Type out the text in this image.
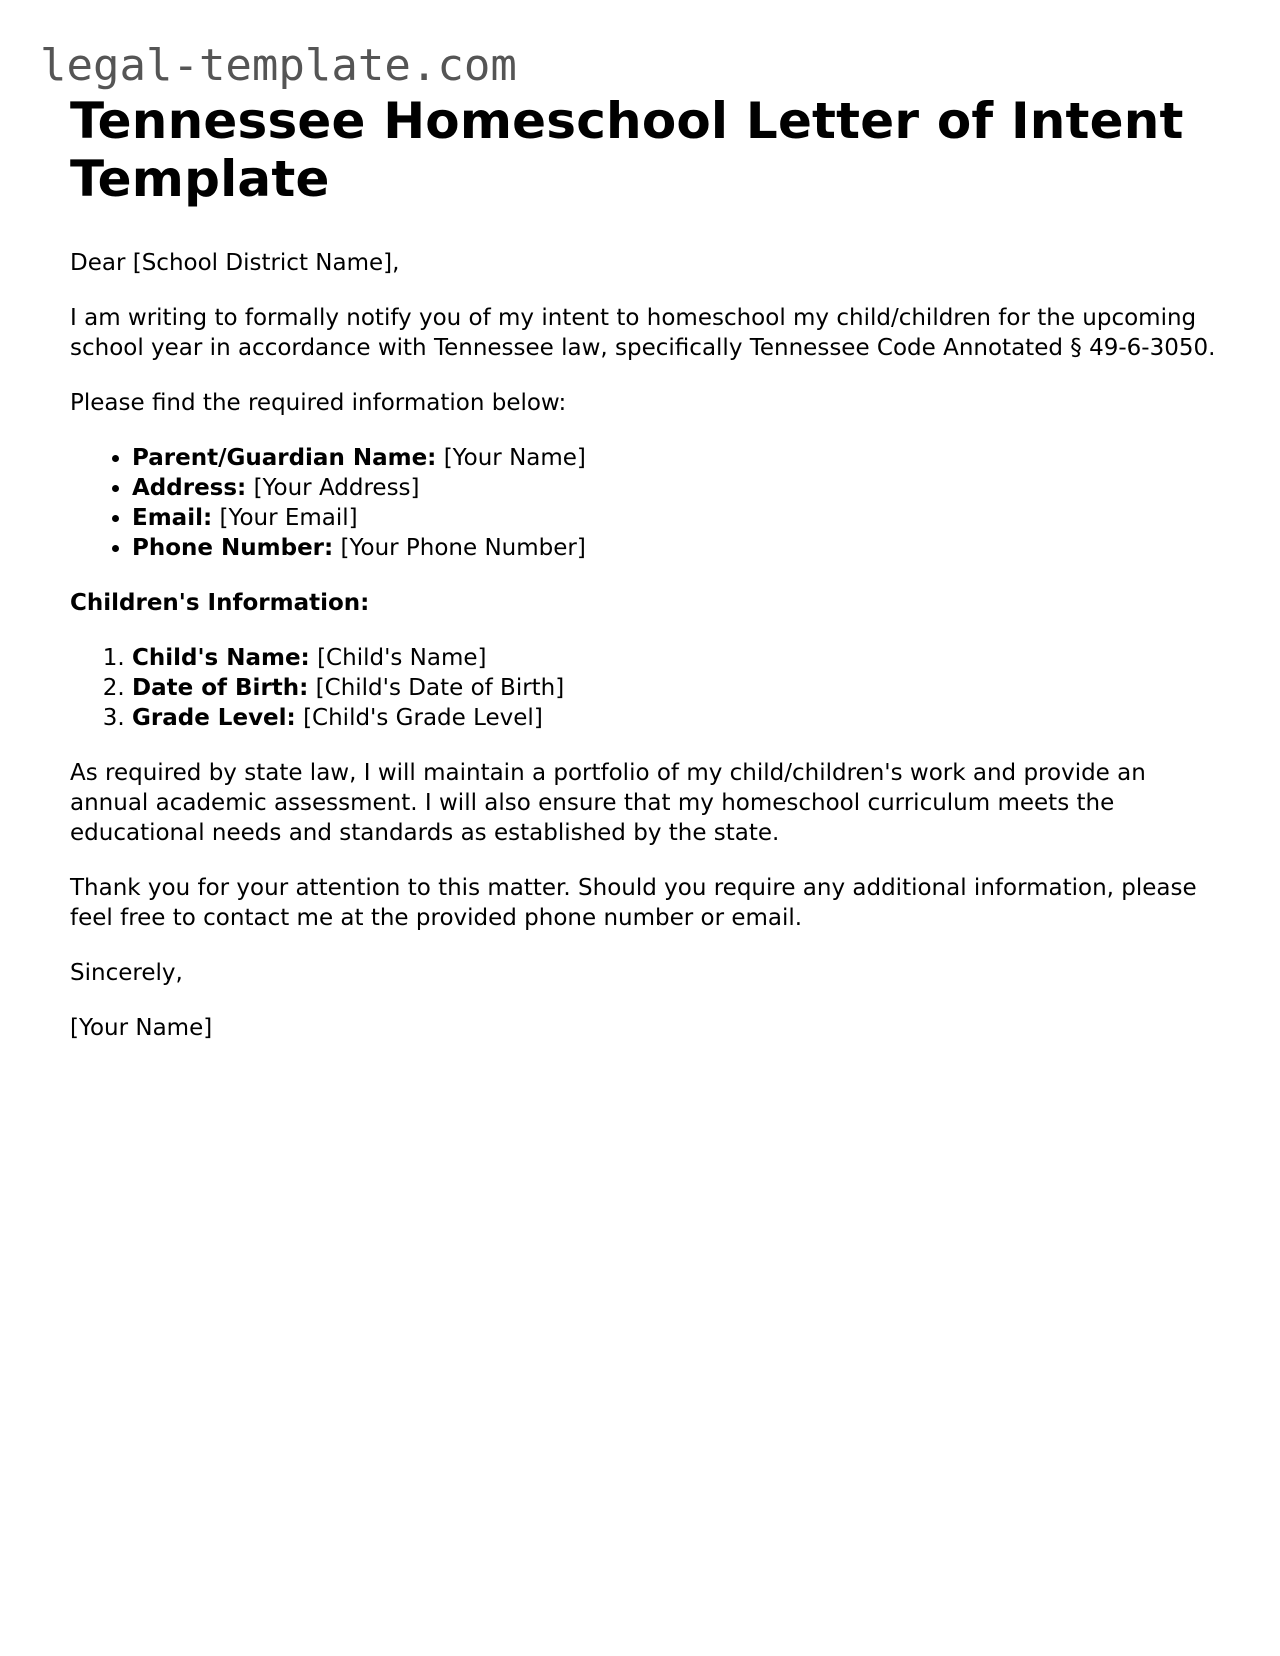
legal-template.com
Tennessee Homeschool Letter of Intent Template

Dear [School District Name],

I am writing to formally notify you of my intent to homeschool my child/children for the upcoming school year in accordance with Tennessee law, specifically Tennessee Code Annotated § 49-6-3050.

Please find the required information below:

• Parent/Guardian Name: [Your Name]
• Address: [Your Address]
• Email: [Your Email]
• Phone Number: [Your Phone Number]

Children's Information:

1. Child's Name: [Child's Name]
2. Date of Birth: [Child's Date of Birth]
3. Grade Level: [Child's Grade Level]

As required by state law, I will maintain a portfolio of my child/children's work and provide an annual academic assessment. I will also ensure that my homeschool curriculum meets the educational needs and standards as established by the state.

Thank you for your attention to this matter. Should you require any additional information, please feel free to contact me at the provided phone number or email.

Sincerely,

[Your Name]
